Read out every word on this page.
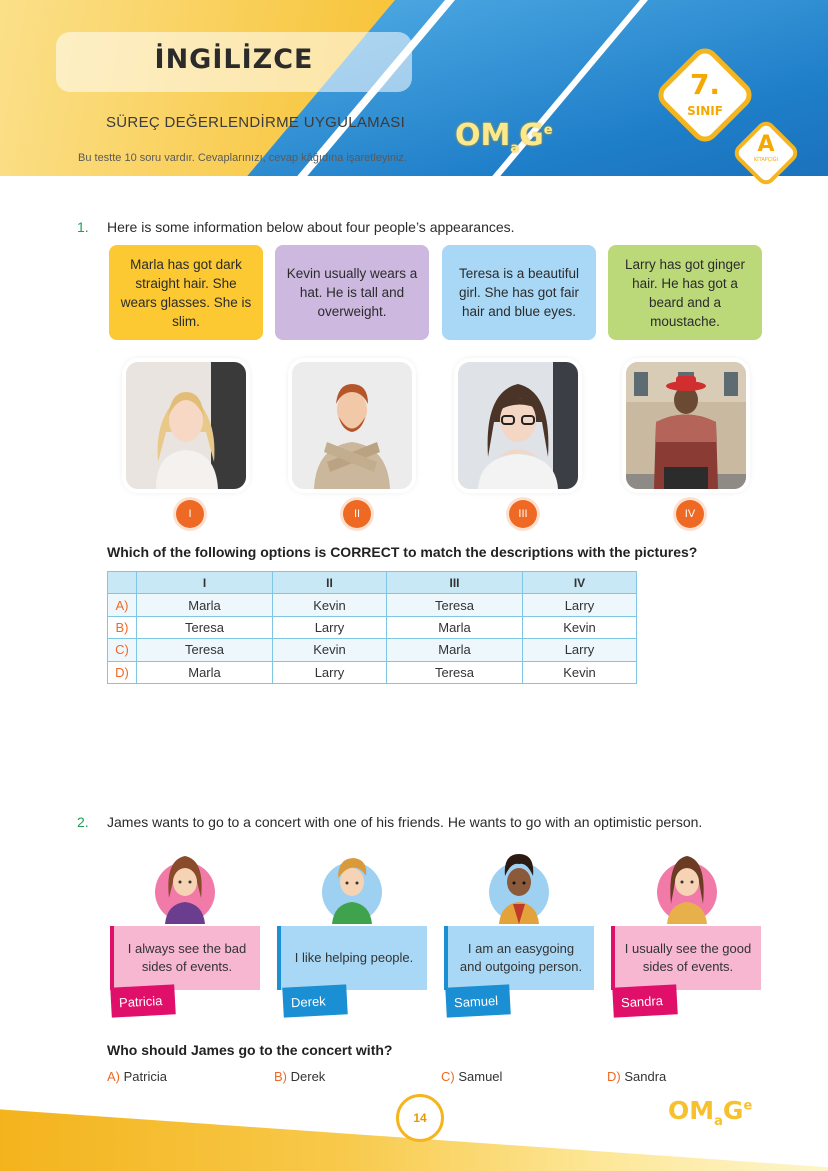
İNGİLİZCE
SÜREÇ DEĞERLENDİRME UYGULAMASI
Bu testte 10 soru vardır. Cevaplarınızı, cevap kâğıdına işaretleyiniz.
$OM_aG^e$
7.
SINIF
A
KİTAPÇIĞI
1. Here is some information below about four people’s appearances.
Marla has got dark straight hair. She wears glasses. She is slim.
Kevin usually wears a hat. He is tall and overweight.
Teresa is a beautiful girl. She has got fair hair and blue eyes.
Larry has got ginger hair. He has got a beard and a moustache.
I	II	III	IV
Which of the following options is CORRECT to match the descriptions with the pictures?
	I	II	III	IV
A)	Marla	Kevin	Teresa	Larry
B)	Teresa	Larry	Marla	Kevin
C)	Teresa	Kevin	Marla	Larry
D)	Marla	Larry	Teresa	Kevin
2. James wants to go to a concert with one of his friends. He wants to go with an optimistic person.
I always see the bad sides of events.
I like helping people.
I am an easygoing and outgoing person.
I usually see the good sides of events.
Patricia	Derek	Samuel	Sandra
Who should James go to the concert with?
A) Patricia	B) Derek	C) Samuel	D) Sandra
14	$OM_aG^e$
